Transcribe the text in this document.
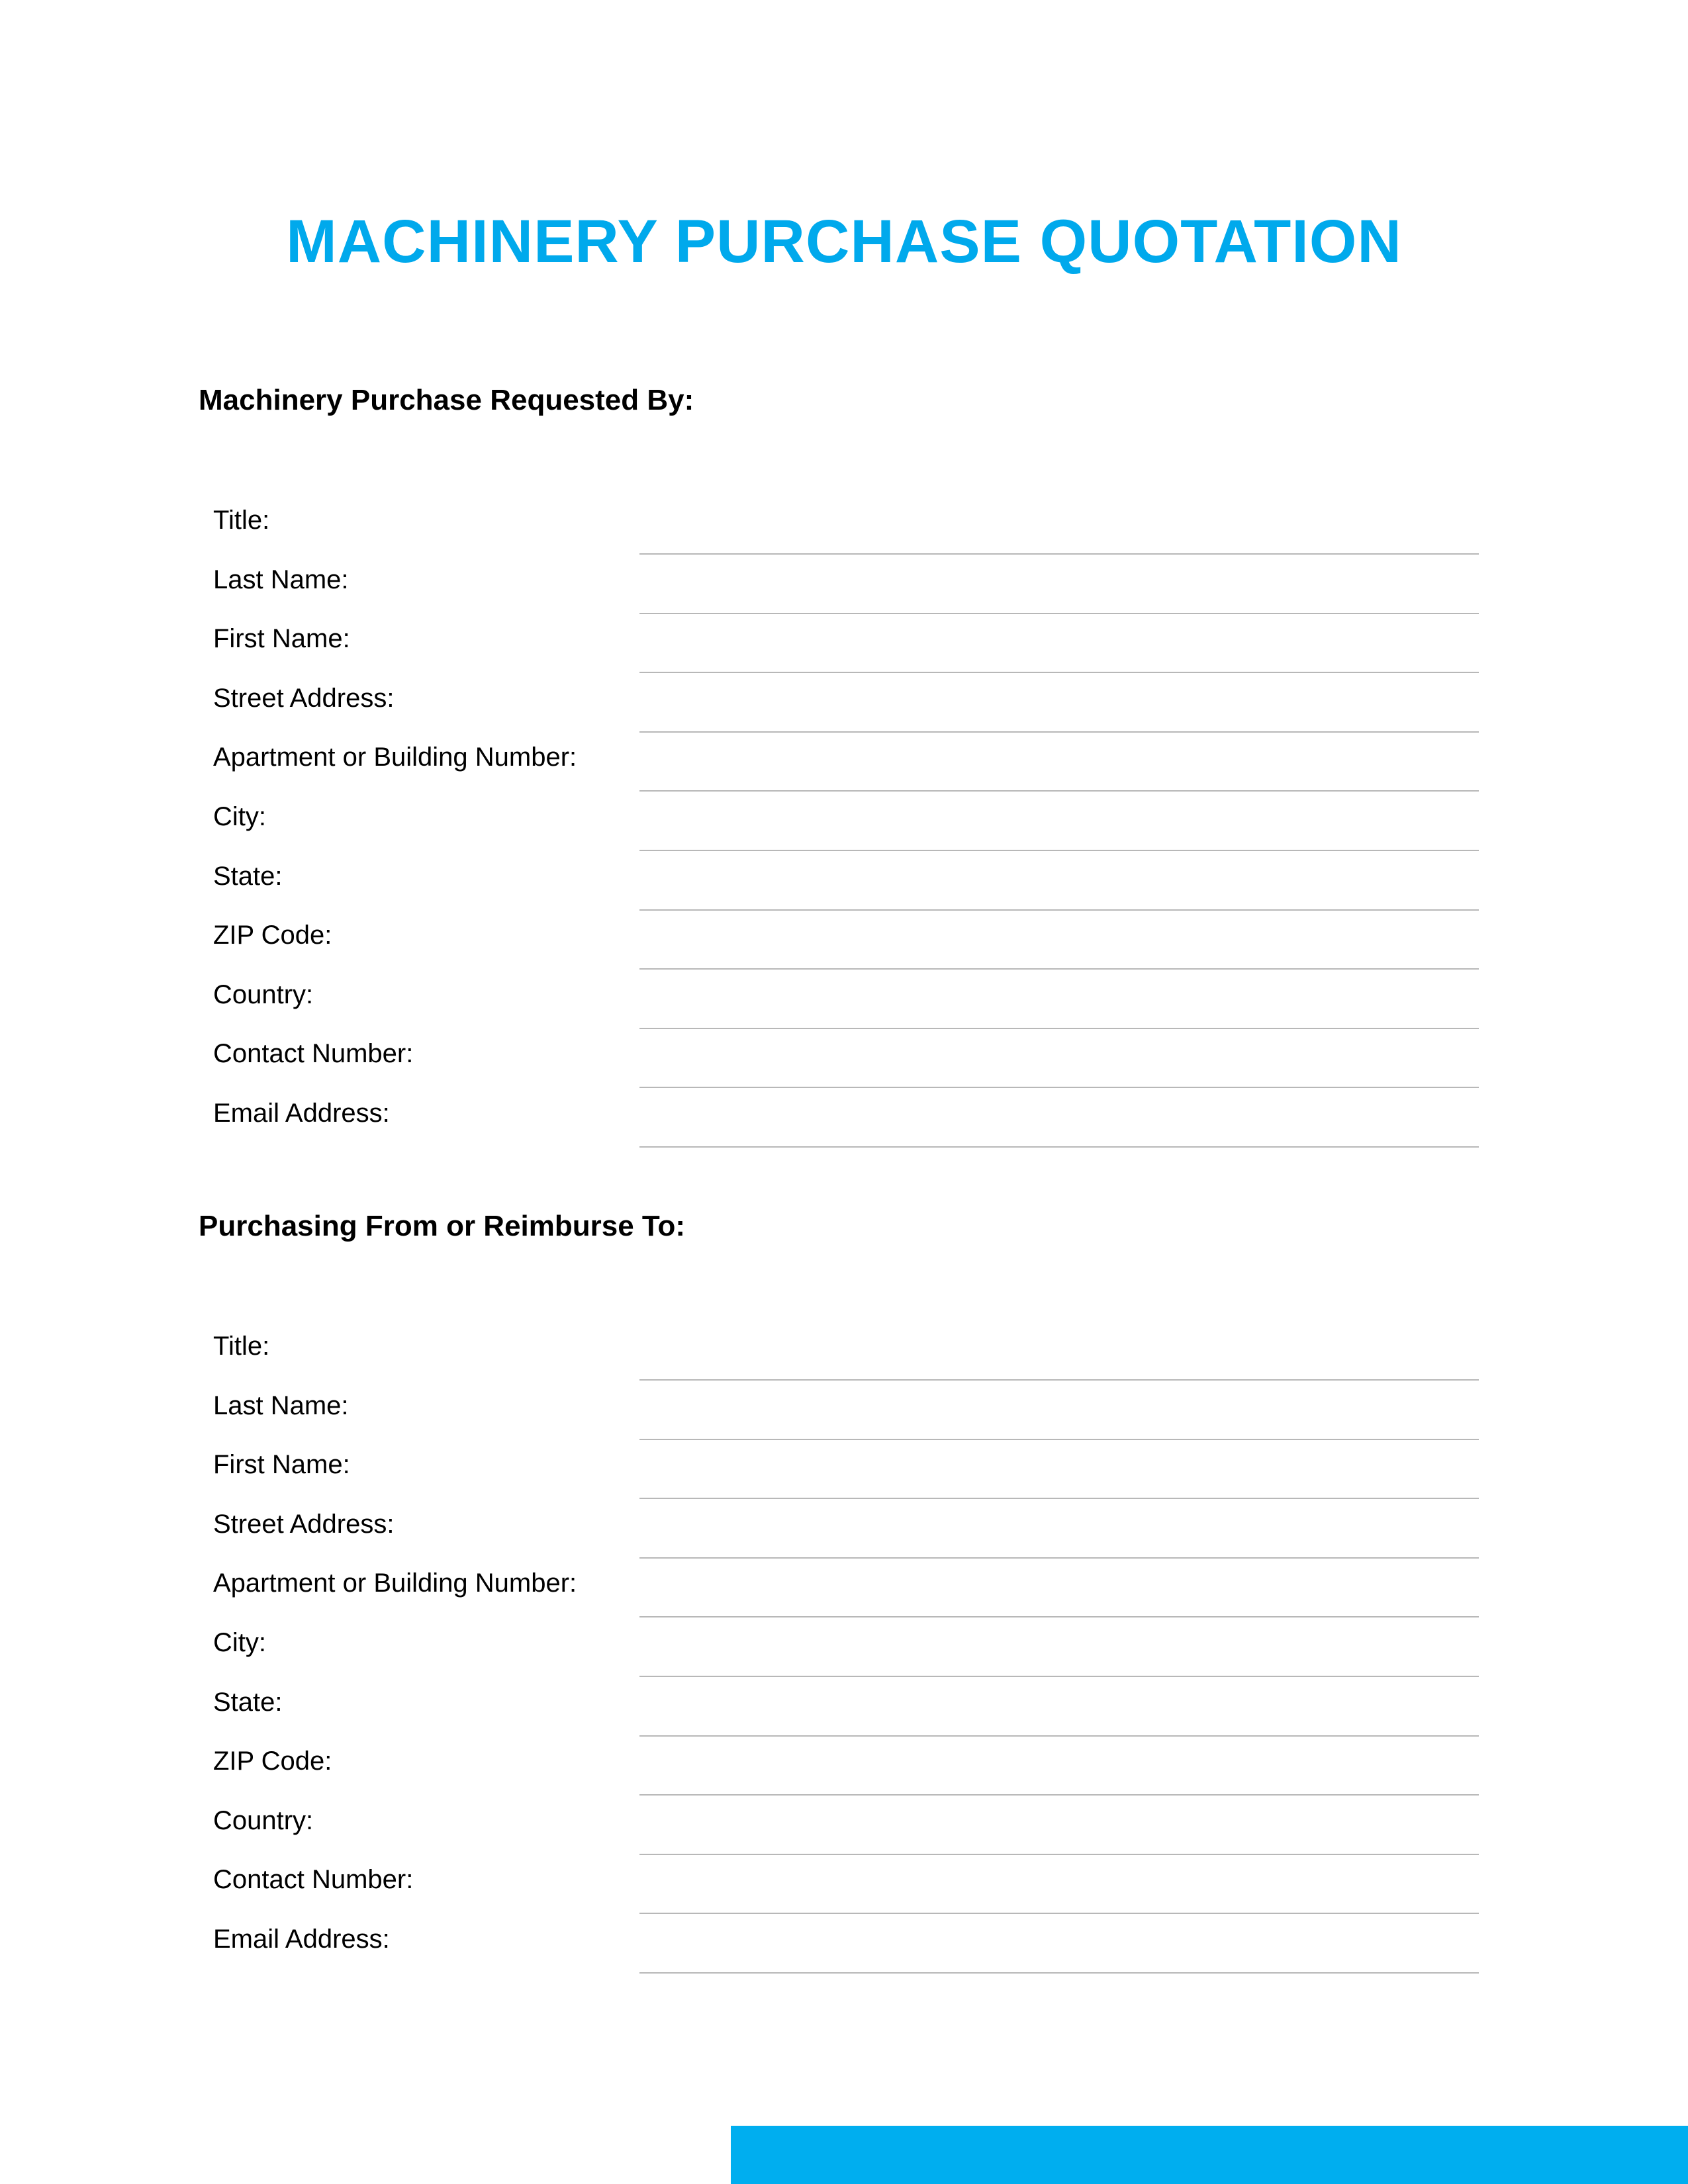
MACHINERY PURCHASE QUOTATION
Machinery Purchase Requested By:
Title:
Last Name:
First Name:
Street Address:
Apartment or Building Number:
City:
State:
ZIP Code:
Country:
Contact Number:
Email Address:
Purchasing From or Reimburse To:
Title:
Last Name:
First Name:
Street Address:
Apartment or Building Number:
City:
State:
ZIP Code:
Country:
Contact Number:
Email Address:
